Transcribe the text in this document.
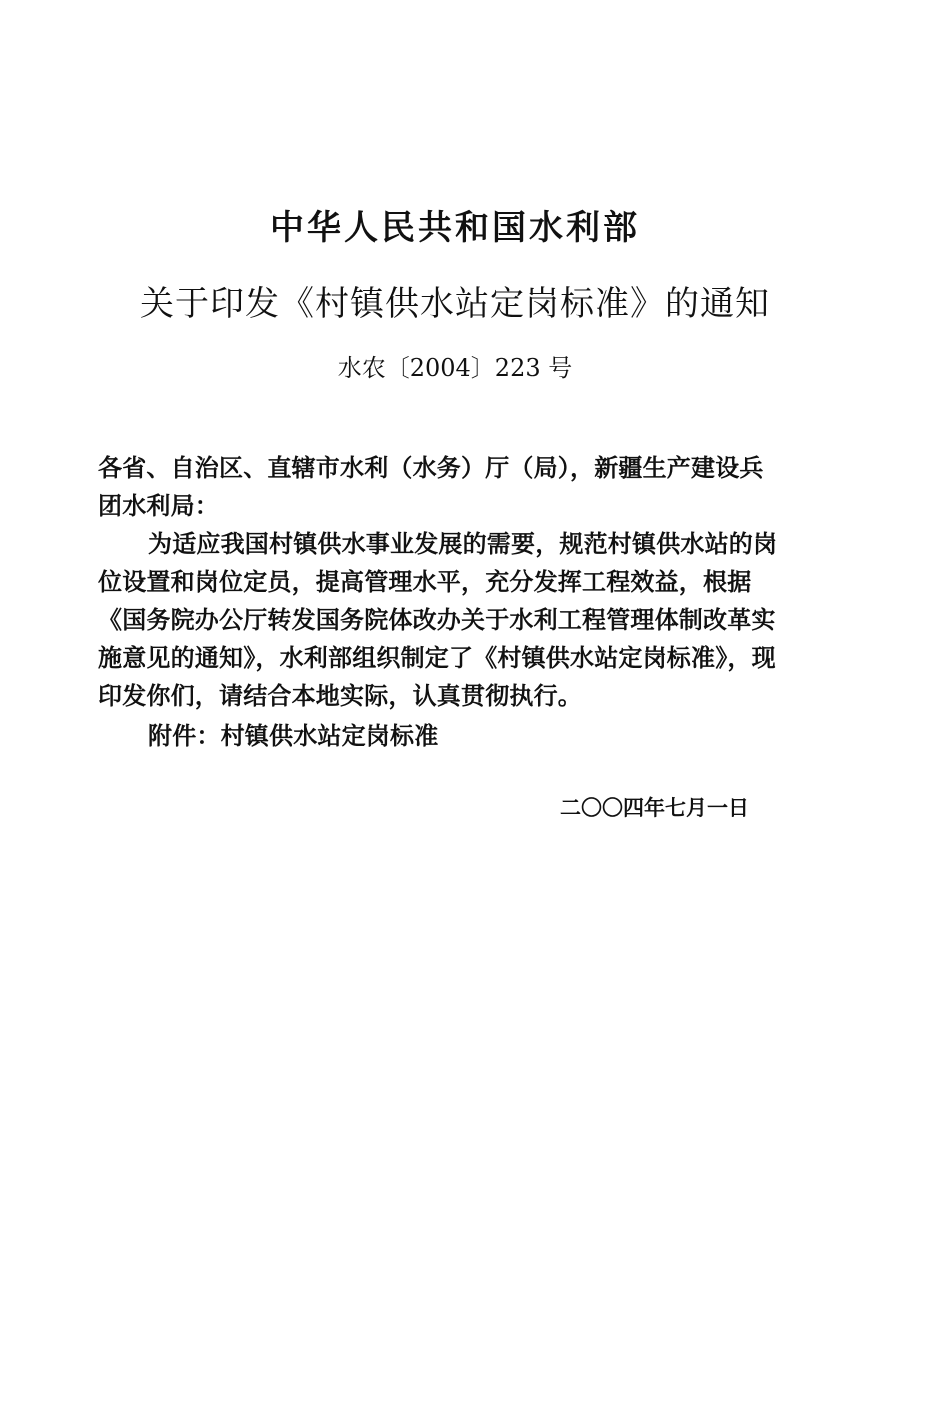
中华人民共和国水利部

关于印发《村镇供水站定岗标准》的通知

水农〔2004〕223 号

各省、自治区、直辖市水利（水务）厅（局），新疆生产建设兵

团水利局：

为适应我国村镇供水事业发展的需要，规范村镇供水站的岗

位设置和岗位定员，提高管理水平，充分发挥工程效益，根据

《国务院办公厅转发国务院体改办关于水利工程管理体制改革实

施意见的通知》，水利部组织制定了《村镇供水站定岗标准》，现

印发你们，请结合本地实际，认真贯彻执行。

附件：村镇供水站定岗标准

二〇〇四年七月一日
